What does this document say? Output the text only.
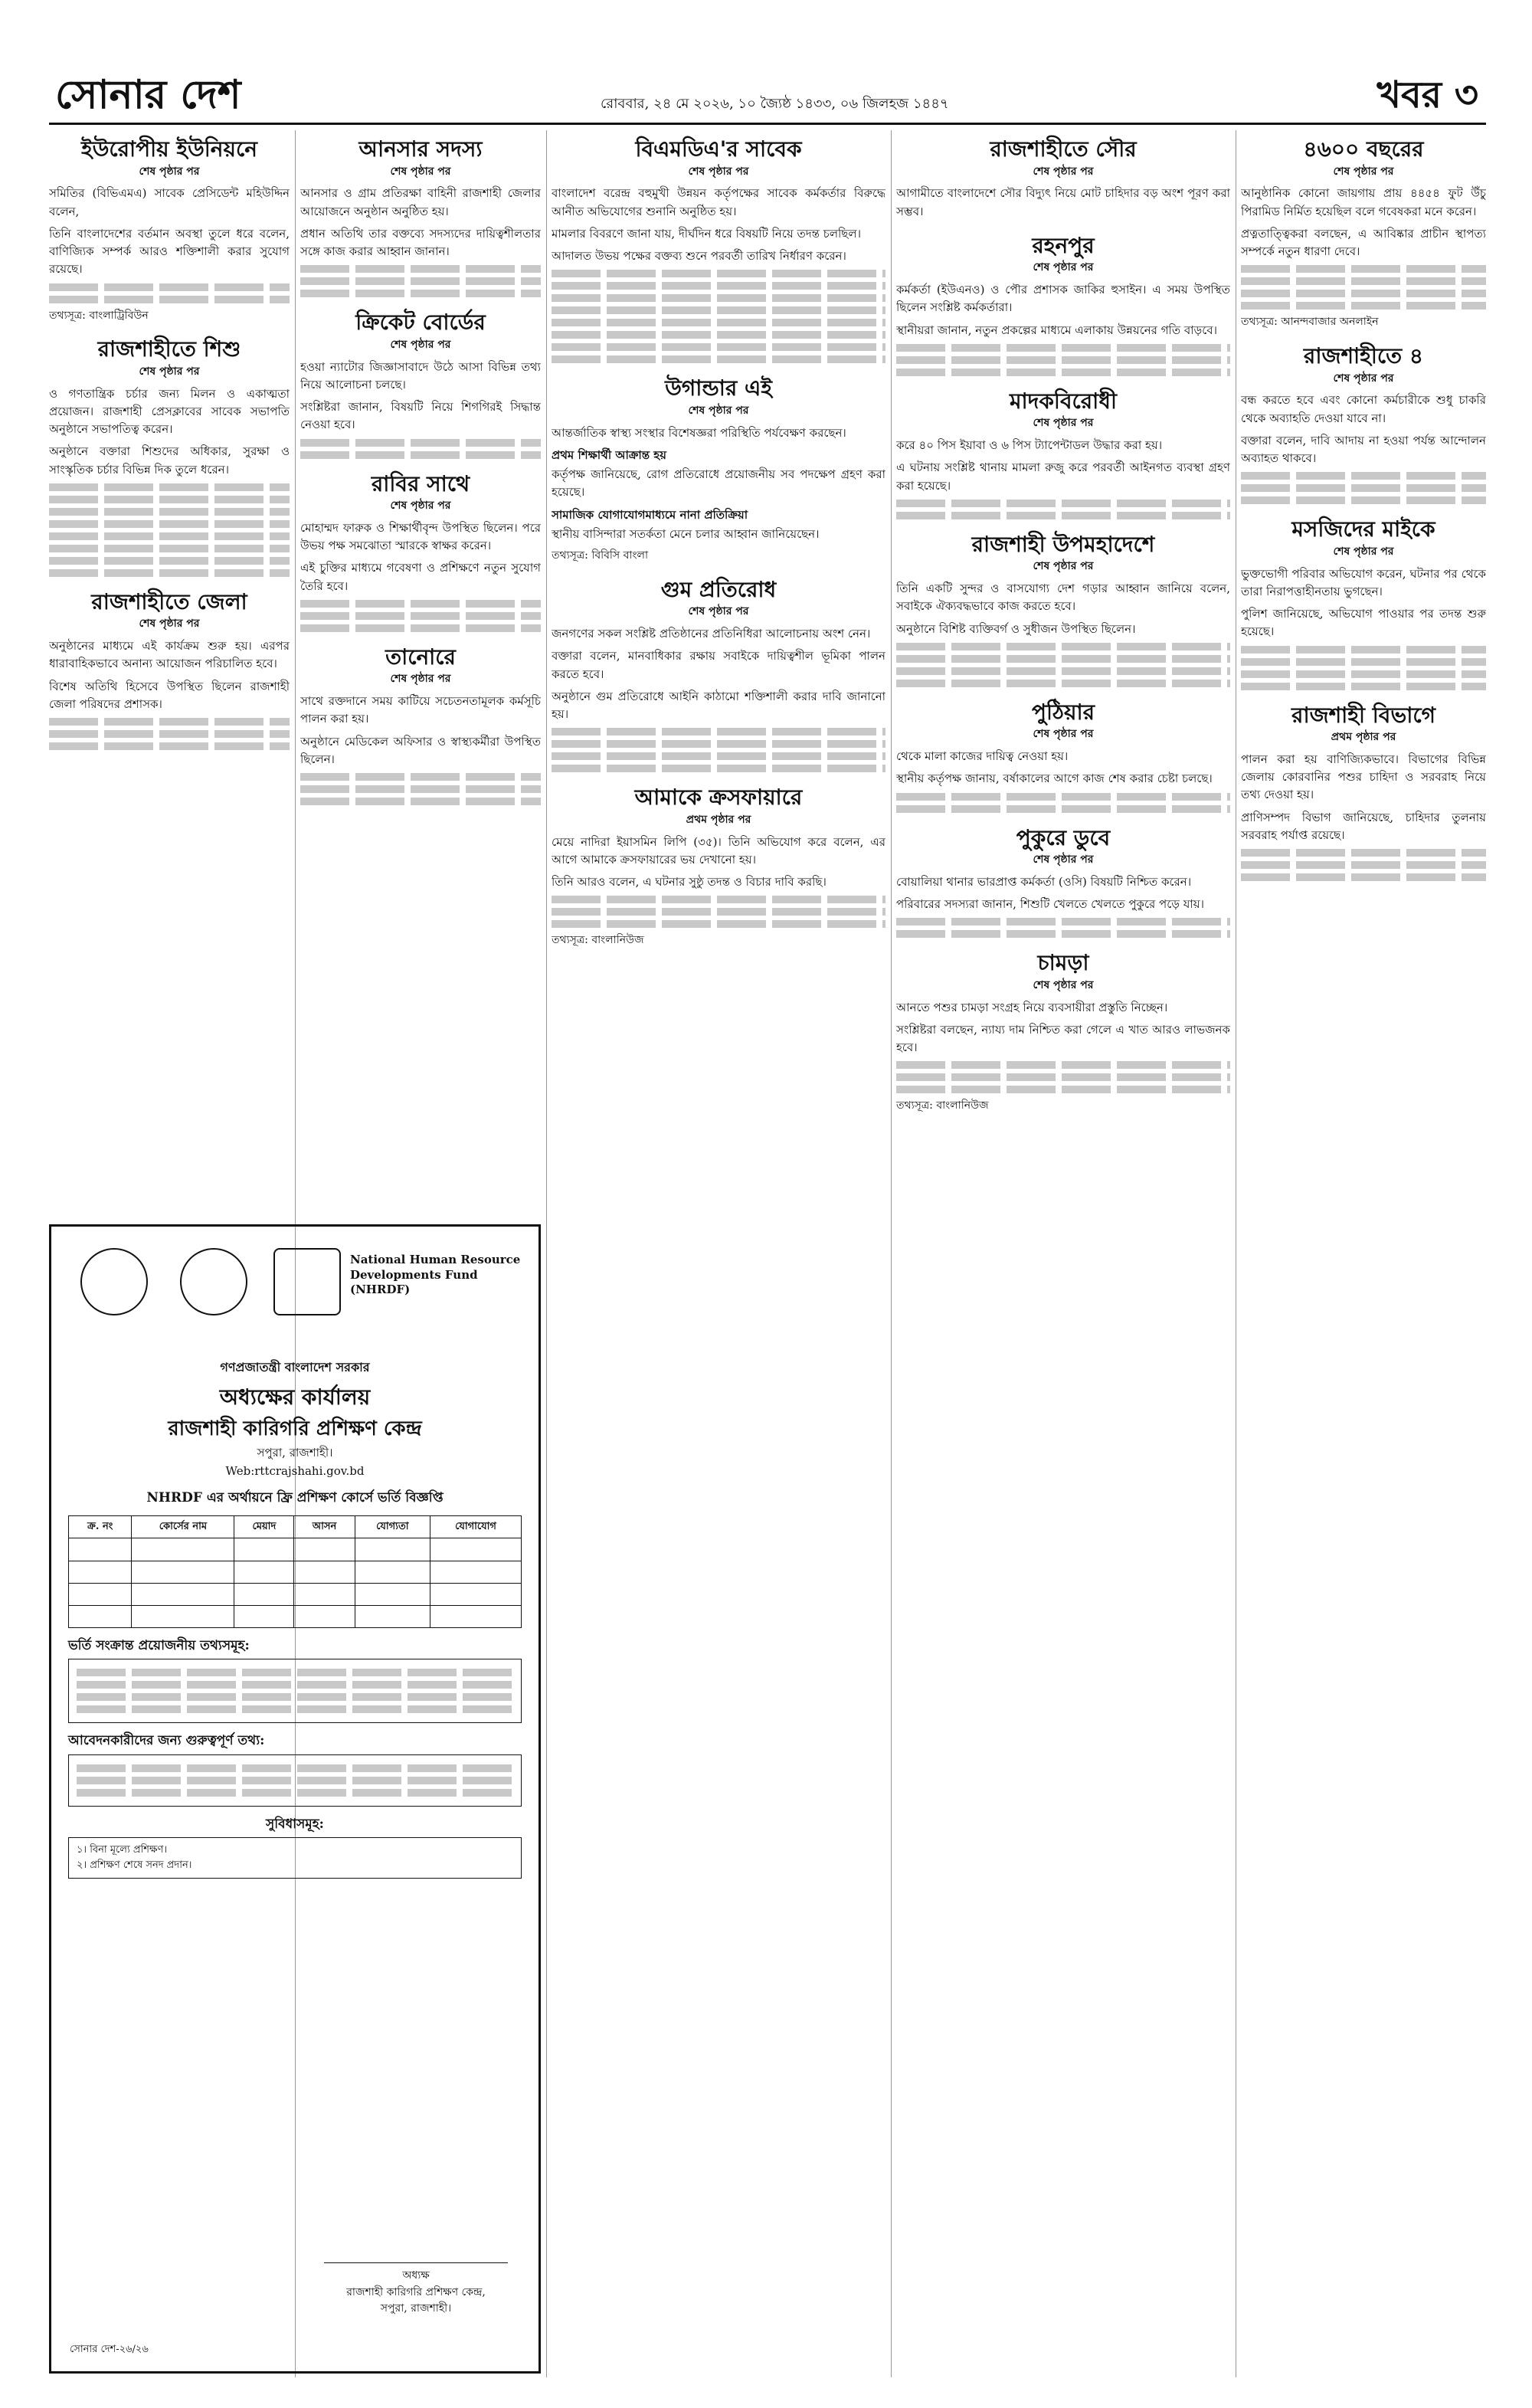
সোনার দেশ	রোববার, ২৪ মে ২০২৬, ১০ জ্যৈষ্ঠ ১৪৩৩, ০৬ জিলহজ ১৪৪৭	খবর ৩
ইউরোপীয় ইউনিয়নে
শেষ পৃষ্ঠার পর

সমিতির (বিভিএমএ) সাবেক প্রেসিডেন্ট মহিউদ্দিন বলেন,

তিনি বাংলাদেশের বর্তমান অবস্থা তুলে ধরে বলেন, বাণিজ্যিক সম্পর্ক আরও শক্তিশালী করার সুযোগ রয়েছে।

তথ্যসূত্র: বাংলাট্রিবিউন

রাজশাহীতে শিশু
শেষ পৃষ্ঠার পর

ও গণতান্ত্রিক চর্চার জন্য মিলন ও একাত্মতা প্রয়োজন। রাজশাহী প্রেসক্লাবের সাবেক সভাপতি অনুষ্ঠানে সভাপতিত্ব করেন।

অনুষ্ঠানে বক্তারা শিশুদের অধিকার, সুরক্ষা ও সাংস্কৃতিক চর্চার বিভিন্ন দিক তুলে ধরেন।

রাজশাহীতে জেলা
শেষ পৃষ্ঠার পর

অনুষ্ঠানের মাধ্যমে এই কার্যক্রম শুরু হয়। এরপর ধারাবাহিকভাবে অনান্য আয়োজন পরিচালিত হবে।

বিশেষ অতিথি হিসেবে উপস্থিত ছিলেন রাজশাহী জেলা পরিষদের প্রশাসক।

আনসার সদস্য
শেষ পৃষ্ঠার পর

আনসার ও গ্রাম প্রতিরক্ষা বাহিনী রাজশাহী জেলার আয়োজনে অনুষ্ঠান অনুষ্ঠিত হয়।

প্রধান অতিথি তার বক্তব্যে সদস্যদের দায়িত্বশীলতার সঙ্গে কাজ করার আহ্বান জানান।

ক্রিকেট বোর্ডের
শেষ পৃষ্ঠার পর

হওয়া ন্যাটোর জিজ্ঞাসাবাদে উঠে আসা বিভিন্ন তথ্য নিয়ে আলোচনা চলছে।

সংশ্লিষ্টরা জানান, বিষয়টি নিয়ে শিগগিরই সিদ্ধান্ত নেওয়া হবে।

রাবির সাথে
শেষ পৃষ্ঠার পর

মোহাম্মদ ফারুক ও শিক্ষার্থীবৃন্দ উপস্থিত ছিলেন। পরে উভয় পক্ষ সমঝোতা স্মারকে স্বাক্ষর করেন।

এই চুক্তির মাধ্যমে গবেষণা ও প্রশিক্ষণে নতুন সুযোগ তৈরি হবে।

তানোরে
শেষ পৃষ্ঠার পর

সাথে রক্তদানে সময় কাটিয়ে সচেতনতামূলক কর্মসূচি পালন করা হয়।

অনুষ্ঠানে মেডিকেল অফিসার ও স্বাস্থ্যকর্মীরা উপস্থিত ছিলেন।

বিএমডিএ'র সাবেক
শেষ পৃষ্ঠার পর

বাংলাদেশ বরেন্দ্র বহুমুখী উন্নয়ন কর্তৃপক্ষের সাবেক কর্মকর্তার বিরুদ্ধে আনীত অভিযোগের শুনানি অনুষ্ঠিত হয়।

মামলার বিবরণে জানা যায়, দীর্ঘদিন ধরে বিষয়টি নিয়ে তদন্ত চলছিল।

আদালত উভয় পক্ষের বক্তব্য শুনে পরবর্তী তারিখ নির্ধারণ করেন।

উগান্ডার এই
শেষ পৃষ্ঠার পর

আন্তর্জাতিক স্বাস্থ্য সংস্থার বিশেষজ্ঞরা পরিস্থিতি পর্যবেক্ষণ করছেন।

প্রথম শিক্ষার্থী আক্রান্ত হয়

কর্তৃপক্ষ জানিয়েছে, রোগ প্রতিরোধে প্রয়োজনীয় সব পদক্ষেপ গ্রহণ করা হয়েছে।

সামাজিক যোগাযোগমাধ্যমে নানা প্রতিক্রিয়া

স্থানীয় বাসিন্দারা সতর্কতা মেনে চলার আহ্বান জানিয়েছেন।

তথ্যসূত্র: বিবিসি বাংলা

গুম প্রতিরোধ
শেষ পৃষ্ঠার পর

জনগণের সকল সংশ্লিষ্ট প্রতিষ্ঠানের প্রতিনিধিরা আলোচনায় অংশ নেন।

বক্তারা বলেন, মানবাধিকার রক্ষায় সবাইকে দায়িত্বশীল ভূমিকা পালন করতে হবে।

অনুষ্ঠানে গুম প্রতিরোধে আইনি কাঠামো শক্তিশালী করার দাবি জানানো হয়।

আমাকে ক্রসফায়ারে
প্রথম পৃষ্ঠার পর

মেয়ে নাদিরা ইয়াসমিন লিপি (৩৫)। তিনি অভিযোগ করে বলেন, এর আগে আমাকে ক্রসফায়ারের ভয় দেখানো হয়।

তিনি আরও বলেন, এ ঘটনার সুষ্ঠু তদন্ত ও বিচার দাবি করছি।

তথ্যসূত্র: বাংলানিউজ

রাজশাহীতে সৌর
শেষ পৃষ্ঠার পর

আগামীতে বাংলাদেশে সৌর বিদ্যুৎ নিয়ে মোট চাহিদার বড় অংশ পূরণ করা সম্ভব।

রহনপুর
শেষ পৃষ্ঠার পর

কর্মকর্তা (ইউএনও) ও পৌর প্রশাসক জাকির হুসাইন। এ সময় উপস্থিত ছিলেন সংশ্লিষ্ট কর্মকর্তারা।

স্থানীয়রা জানান, নতুন প্রকল্পের মাধ্যমে এলাকায় উন্নয়নের গতি বাড়বে।

মাদকবিরোধী
শেষ পৃষ্ঠার পর

করে ৪০ পিস ইয়াবা ও ৬ পিস ট্যাপেন্টাডল উদ্ধার করা হয়।

এ ঘটনায় সংশ্লিষ্ট থানায় মামলা রুজু করে পরবর্তী আইনগত ব্যবস্থা গ্রহণ করা হয়েছে।

রাজশাহী উপমহাদেশে
শেষ পৃষ্ঠার পর

তিনি একটি সুন্দর ও বাসযোগ্য দেশ গড়ার আহ্বান জানিয়ে বলেন, সবাইকে ঐক্যবদ্ধভাবে কাজ করতে হবে।

অনুষ্ঠানে বিশিষ্ট ব্যক্তিবর্গ ও সুধীজন উপস্থিত ছিলেন।

পুঠিয়ার
শেষ পৃষ্ঠার পর

থেকে মালা কাজের দায়িত্ব নেওয়া হয়।

স্থানীয় কর্তৃপক্ষ জানায়, বর্ষাকালের আগে কাজ শেষ করার চেষ্টা চলছে।

পুকুরে ডুবে
শেষ পৃষ্ঠার পর

বোয়ালিয়া থানার ভারপ্রাপ্ত কর্মকর্তা (ওসি) বিষয়টি নিশ্চিত করেন।

পরিবারের সদস্যরা জানান, শিশুটি খেলতে খেলতে পুকুরে পড়ে যায়।

চামড়া
শেষ পৃষ্ঠার পর

আনতে পশুর চামড়া সংগ্রহ নিয়ে ব্যবসায়ীরা প্রস্তুতি নিচ্ছেন।

সংশ্লিষ্টরা বলছেন, ন্যায্য দাম নিশ্চিত করা গেলে এ খাত আরও লাভজনক হবে।

তথ্যসূত্র: বাংলানিউজ

৪৬০০ বছরের
শেষ পৃষ্ঠার পর

আনুষ্ঠানিক কোনো জায়গায় প্রায় ৪৪৫৪ ফুট উঁচু পিরামিড নির্মিত হয়েছিল বলে গবেষকরা মনে করেন।

প্রত্নতাত্ত্বিকরা বলছেন, এ আবিষ্কার প্রাচীন স্থাপত্য সম্পর্কে নতুন ধারণা দেবে।

তথ্যসূত্র: আনন্দবাজার অনলাইন

রাজশাহীতে ৪
শেষ পৃষ্ঠার পর

বন্ধ করতে হবে এবং কোনো কর্মচারীকে শুধু চাকরি থেকে অব্যাহতি দেওয়া যাবে না।

বক্তারা বলেন, দাবি আদায় না হওয়া পর্যন্ত আন্দোলন অব্যাহত থাকবে।

মসজিদের মাইকে
শেষ পৃষ্ঠার পর

ভুক্তভোগী পরিবার অভিযোগ করেন, ঘটনার পর থেকে তারা নিরাপত্তাহীনতায় ভুগছেন।

পুলিশ জানিয়েছে, অভিযোগ পাওয়ার পর তদন্ত শুরু হয়েছে।

রাজশাহী বিভাগে
প্রথম পৃষ্ঠার পর

পালন করা হয় বাণিজ্যিকভাবে। বিভাগের বিভিন্ন জেলায় কোরবানির পশুর চাহিদা ও সরবরাহ নিয়ে তথ্য দেওয়া হয়।

প্রাণিসম্পদ বিভাগ জানিয়েছে, চাহিদার তুলনায় সরবরাহ পর্যাপ্ত রয়েছে।

National Human Resource Developments Fund (NHRDF)
গণপ্রজাতন্ত্রী বাংলাদেশ সরকার
অধ্যক্ষের কার্যালয়
রাজশাহী কারিগরি প্রশিক্ষণ কেন্দ্র
সপুরা, রাজশাহী।
Web:rttcrajshahi.gov.bd
NHRDF এর অর্থায়নে ফ্রি প্রশিক্ষণ কোর্সে ভর্তি বিজ্ঞপ্তি
ক্র. নং	কোর্সের নাম	মেয়াদ	আসন	যোগ্যতা	যোগাযোগ

ভর্তি সংক্রান্ত প্রয়োজনীয় তথ্যসমূহ:
আবেদনকারীদের জন্য গুরুত্বপূর্ণ তথ্য:
সুবিধাসমূহ:
১। বিনা মূল্যে প্রশিক্ষণ।
২। প্রশিক্ষণ শেষে সনদ প্রদান।
অধ্যক্ষ
রাজশাহী কারিগরি প্রশিক্ষণ কেন্দ্র,
সপুরা, রাজশাহী।
সোনার দেশ-২৬/২৬
